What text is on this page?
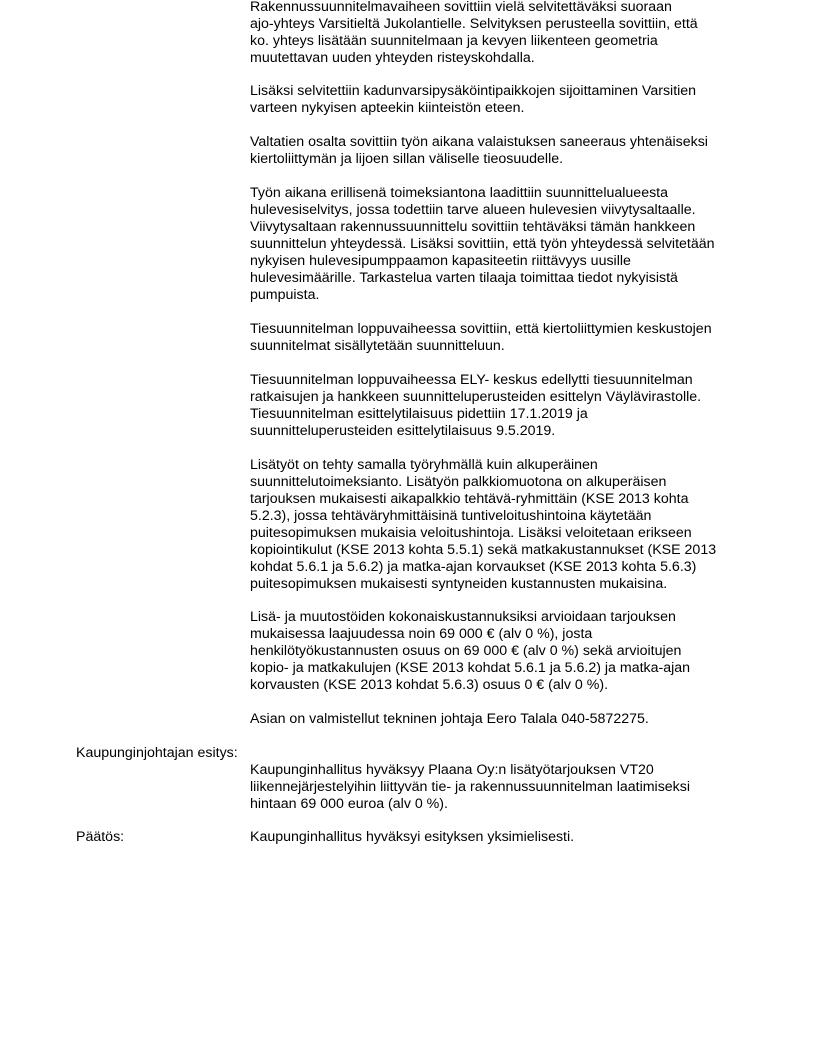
Rakennussuunnitelmavaiheen sovittiin vielä selvitettäväksi suoraan
ajo-yhteys Varsitieltä Jukolantielle. Selvityksen perusteella sovittiin, että
ko. yhteys lisätään suunnitelmaan ja kevyen liikenteen geometria
muutettavan uuden yhteyden risteyskohdalla.

Lisäksi selvitettiin kadunvarsipysäköintipaikkojen sijoittaminen Varsitien
varteen nykyisen apteekin kiinteistön eteen.

Valtatien osalta sovittiin työn aikana valaistuksen saneeraus yhtenäiseksi
kiertoliittymän ja lijoen sillan väliselle tieosuudelle.

Työn aikana erillisenä toimeksiantona laadittiin suunnittelualueesta
hulevesiselvitys, jossa todettiin tarve alueen hulevesien viivytysaltaalle.
Viivytysaltaan rakennussuunnittelu sovittiin tehtäväksi tämän hankkeen
suunnittelun yhteydessä. Lisäksi sovittiin, että työn yhteydessä selvitetään
nykyisen hulevesipumppaamon kapasiteetin riittävyys uusille
hulevesimäärille. Tarkastelua varten tilaaja toimittaa tiedot nykyisistä
pumpuista.

Tiesuunnitelman loppuvaiheessa sovittiin, että kiertoliittymien keskustojen
suunnitelmat sisällytetään suunnitteluun.

Tiesuunnitelman loppuvaiheessa ELY- keskus edellytti tiesuunnitelman
ratkaisujen ja hankkeen suunnitteluperusteiden esittelyn Väylävirastolle.
Tiesuunnitelman esittelytilaisuus pidettiin 17.1.2019 ja
suunnitteluperusteiden esittelytilaisuus 9.5.2019.

Lisätyöt on tehty samalla työryhmällä kuin alkuperäinen
suunnittelutoimeksianto. Lisätyön palkkiomuotona on alkuperäisen
tarjouksen mukaisesti aikapalkkio tehtävä-ryhmittäin (KSE 2013 kohta
5.2.3), jossa tehtäväryhmittäisinä tuntiveloitushintoina käytetään
puitesopimuksen mukaisia veloitushintoja. Lisäksi veloitetaan erikseen
kopiointikulut (KSE 2013 kohta 5.5.1) sekä matkakustannukset (KSE 2013
kohdat 5.6.1 ja 5.6.2) ja matka-ajan korvaukset (KSE 2013 kohta 5.6.3)
puitesopimuksen mukaisesti syntyneiden kustannusten mukaisina.

Lisä- ja muutostöiden kokonaiskustannuksiksi arvioidaan tarjouksen
mukaisessa laajuudessa noin 69 000 € (alv 0 %), josta
henkilötyökustannusten osuus on 69 000 € (alv 0 %) sekä arvioitujen
kopio- ja matkakulujen (KSE 2013 kohdat 5.6.1 ja 5.6.2) ja matka-ajan
korvausten (KSE 2013 kohdat 5.6.3) osuus 0 € (alv 0 %).

Asian on valmistellut tekninen johtaja Eero Talala 040-5872275.

Kaupunginjohtajan esitys:

Kaupunginhallitus hyväksyy Plaana Oy:n lisätyötarjouksen VT20
liikennejärjestelyihin liittyvän tie- ja rakennussuunnitelman laatimiseksi
hintaan 69 000 euroa (alv 0 %).

Päätös:	Kaupunginhallitus hyväksyi esityksen yksimielisesti.
